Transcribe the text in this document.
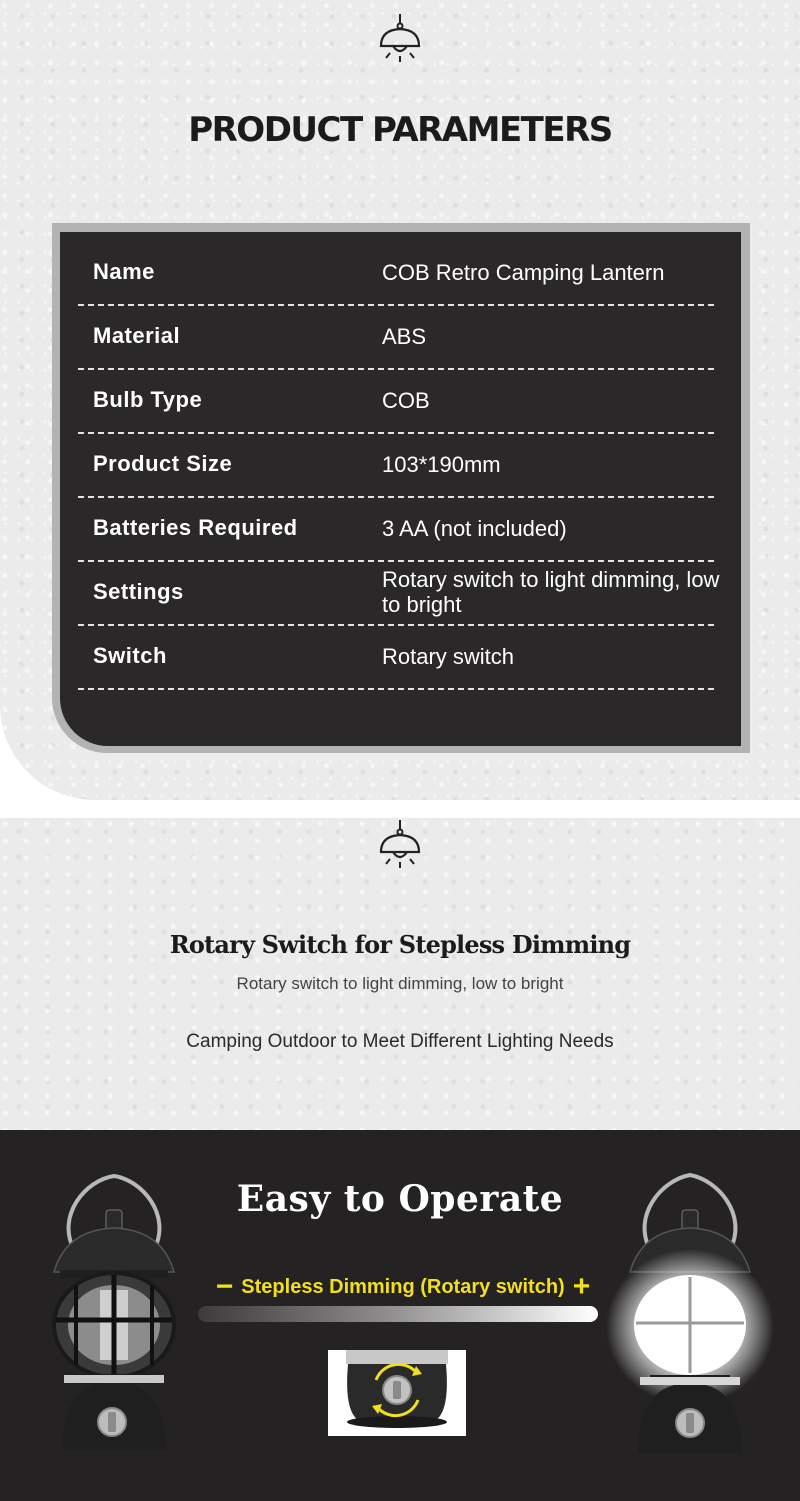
PRODUCT PARAMETERS
Name	COB Retro Camping Lantern
Material	ABS
Bulb Type	COB
Product Size	103*190mm
Batteries Required	3 AA (not included)
Settings	Rotary switch to light dimming, low to bright
Switch	Rotary switch
Rotary Switch for Stepless Dimming
Rotary switch to light dimming, low to bright
Camping Outdoor to Meet Different Lighting Needs
Easy to Operate
− Stepless Dimming (Rotary switch) +
